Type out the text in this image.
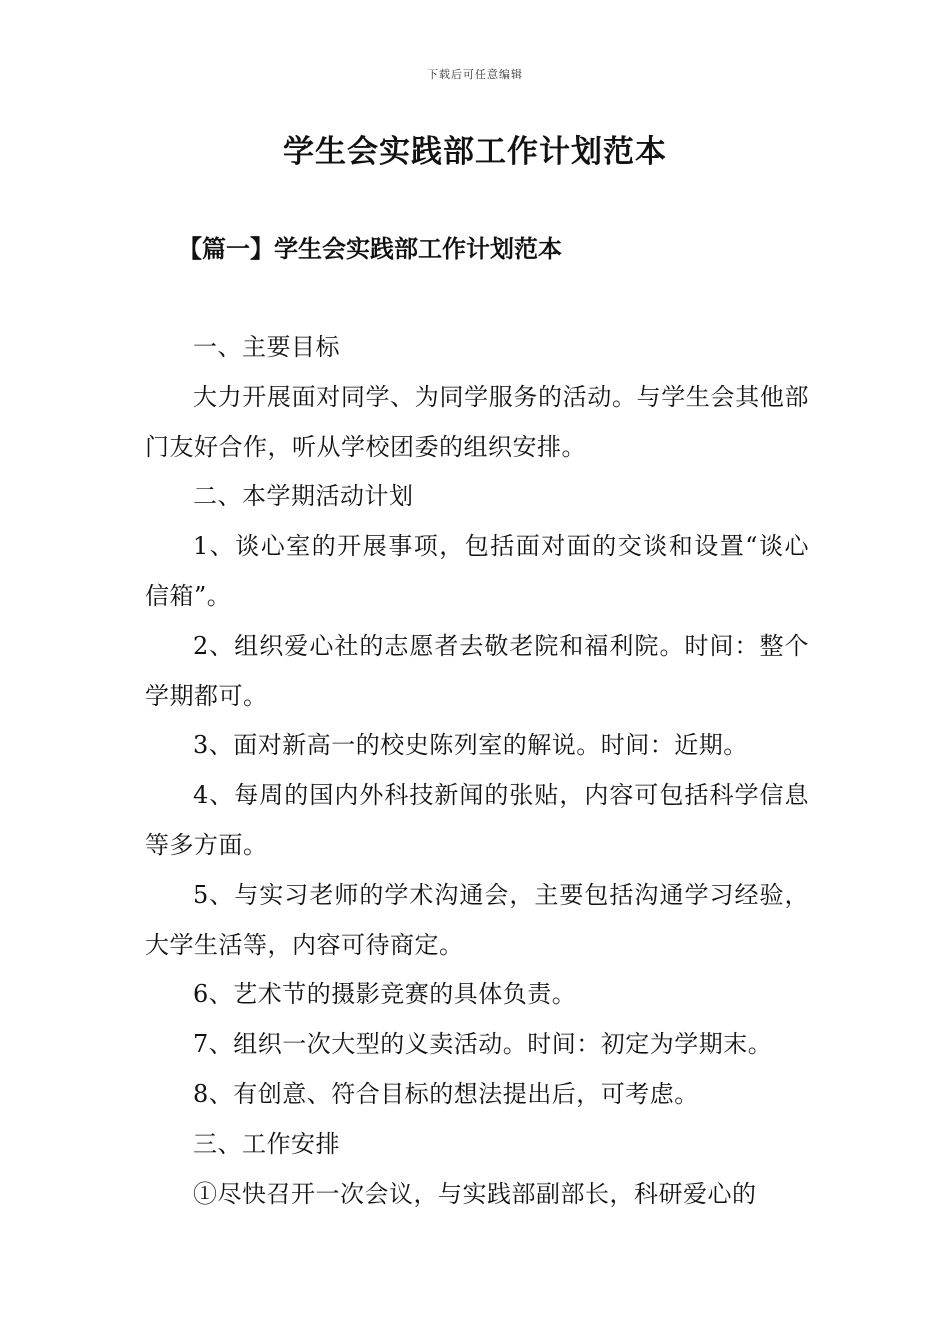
下载后可任意编辑
学生会实践部工作计划范本
【篇一】学生会实践部工作计划范本

一、主要目标

大力开展面对同学、为同学服务的活动。与学生会其他部门友好合作，听从学校团委的组织安排。

二、本学期活动计划

1、谈心室的开展事项，包括面对面的交谈和设置“谈心信箱”。

2、组织爱心社的志愿者去敬老院和福利院。时间：整个学期都可。

3、面对新高一的校史陈列室的解说。时间：近期。

4、每周的国内外科技新闻的张贴，内容可包括科学信息等多方面。

5、与实习老师的学术沟通会，主要包括沟通学习经验，大学生活等，内容可待商定。

6、艺术节的摄影竞赛的具体负责。

7、组织一次大型的义卖活动。时间：初定为学期末。

8、有创意、符合目标的想法提出后，可考虑。

三、工作安排

①尽快召开一次会议，与实践部副部长，科研爱心的
